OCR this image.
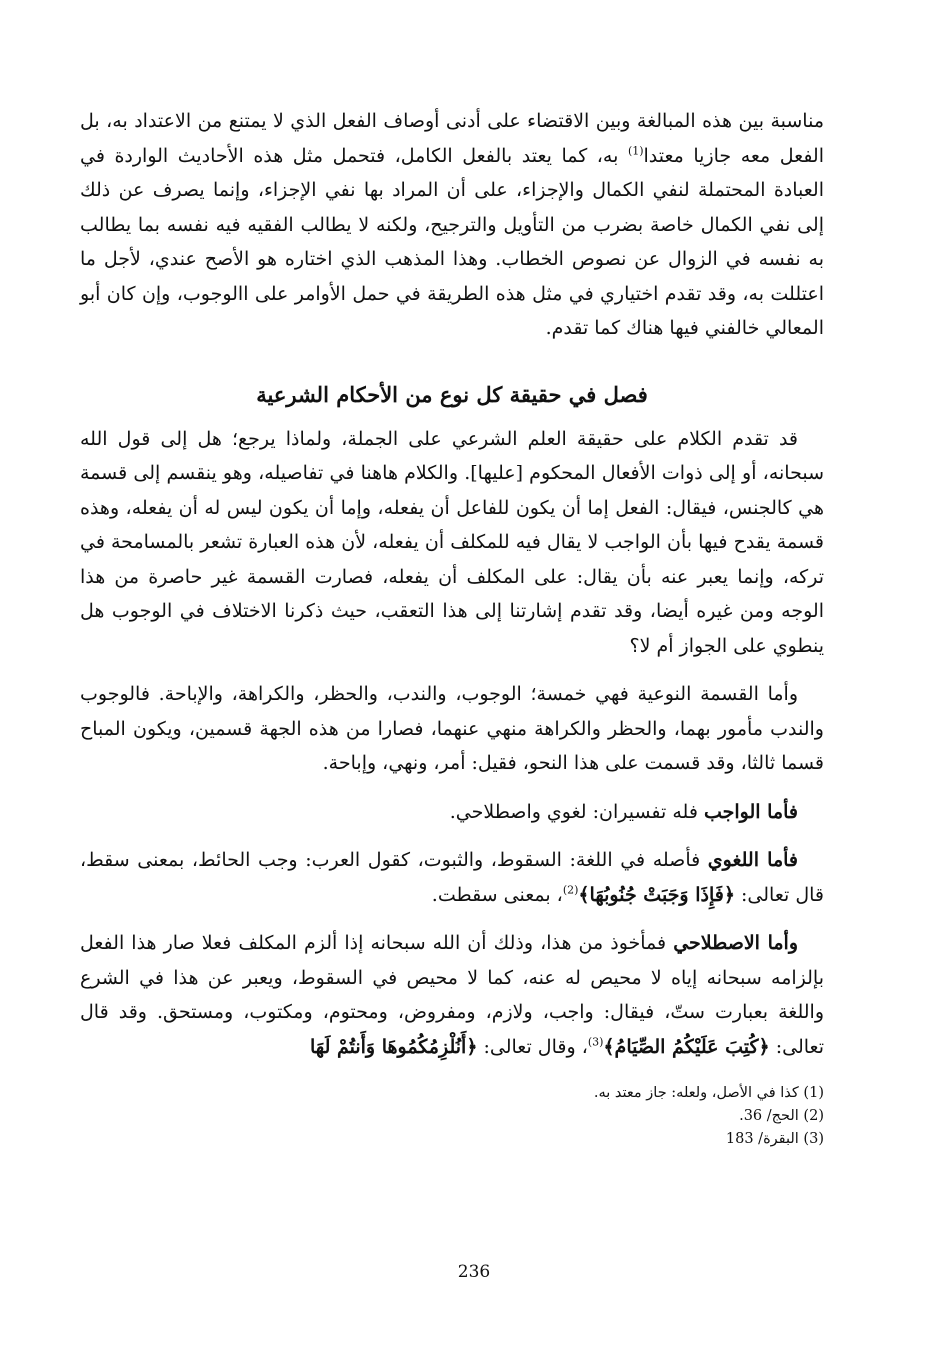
مناسبة بين هذه المبالغة وبين الاقتضاء على أدنى أوصاف الفعل الذي لا يمتنع من الاعتداد به، بل الفعل معه جازيا معتدا$^{(1)}$ به، كما يعتد بالفعل الكامل، فتحمل مثل هذه الأحاديث الواردة في العبادة المحتملة لنفي الكمال والإجزاء، على أن المراد بها نفي الإجزاء، وإنما يصرف عن ذلك إلى نفي الكمال خاصة بضرب من التأويل والترجيح، ولكنه لا يطالب الفقيه فيه نفسه بما يطالب به نفسه في الزوال عن نصوص الخطاب. وهذا المذهب الذي اختاره هو الأصح عندي، لأجل ما اعتللت به، وقد تقدم اختياري في مثل هذه الطريقة في حمل الأوامر على االوجوب، وإن كان أبو المعالي خالفني فيها هناك كما تقدم.

فصل في حقيقة كل نوع من الأحكام الشرعية

قد تقدم الكلام على حقيقة العلم الشرعي على الجملة، ولماذا يرجع؛ هل إلى قول الله سبحانه، أو إلى ذوات الأفعال المحكوم [عليها]. والكلام هاهنا في تفاصيله، وهو ينقسم إلى قسمة هي كالجنس، فيقال: الفعل إما أن يكون للفاعل أن يفعله، وإما أن يكون ليس له أن يفعله، وهذه قسمة يقدح فيها بأن الواجب لا يقال فيه للمكلف أن يفعله، لأن هذه العبارة تشعر بالمسامحة في تركه، وإنما يعبر عنه بأن يقال: على المكلف أن يفعله، فصارت القسمة غير حاصرة من هذا الوجه ومن غيره أيضا، وقد تقدم إشارتنا إلى هذا التعقب، حيث ذكرنا الاختلاف في الوجوب هل ينطوي على الجواز أم لا؟

وأما القسمة النوعية فهي خمسة؛ الوجوب، والندب، والحظر، والكراهة، والإباحة. فالوجوب والندب مأمور بهما، والحظر والكراهة منهي عنهما، فصارا من هذه الجهة قسمين، ويكون المباح قسما ثالثا، وقد قسمت على هذا النحو، فقيل: أمر، ونهي، وإباحة.

فأما الواجب فله تفسيران: لغوي واصطلاحي.

فأما اللغوي فأصله في اللغة: السقوط، والثبوت، كقول العرب: وجب الحائط، بمعنى سقط، قال تعالى: ﴿فَإِذَا وَجَبَتْ جُنُوبُهَا﴾$^{(2)}$، بمعنى سقطت.

وأما الاصطلاحي فمأخوذ من هذا، وذلك أن الله سبحانه إذا ألزم المكلف فعلا صار هذا الفعل بإلزامه سبحانه إياه لا محيص له عنه، كما لا محيص في السقوط، ويعبر عن هذا في الشرع واللغة بعبارت ستّ، فيقال: واجب، ولازم، ومفروض، ومحتوم، ومكتوب، ومستحق. وقد قال تعالى: ﴿كُتِبَ عَلَيْكُمُ الصِّيَامُ﴾$^{(3)}$، وقال تعالى: ﴿أَنُلْزِمُكُمُوهَا وَأَنتُمْ لَهَا

(1) كذا في الأصل، ولعله: جاز معتد به.
(2) الحج/ 36.
(3) البقرة/ 183
236
